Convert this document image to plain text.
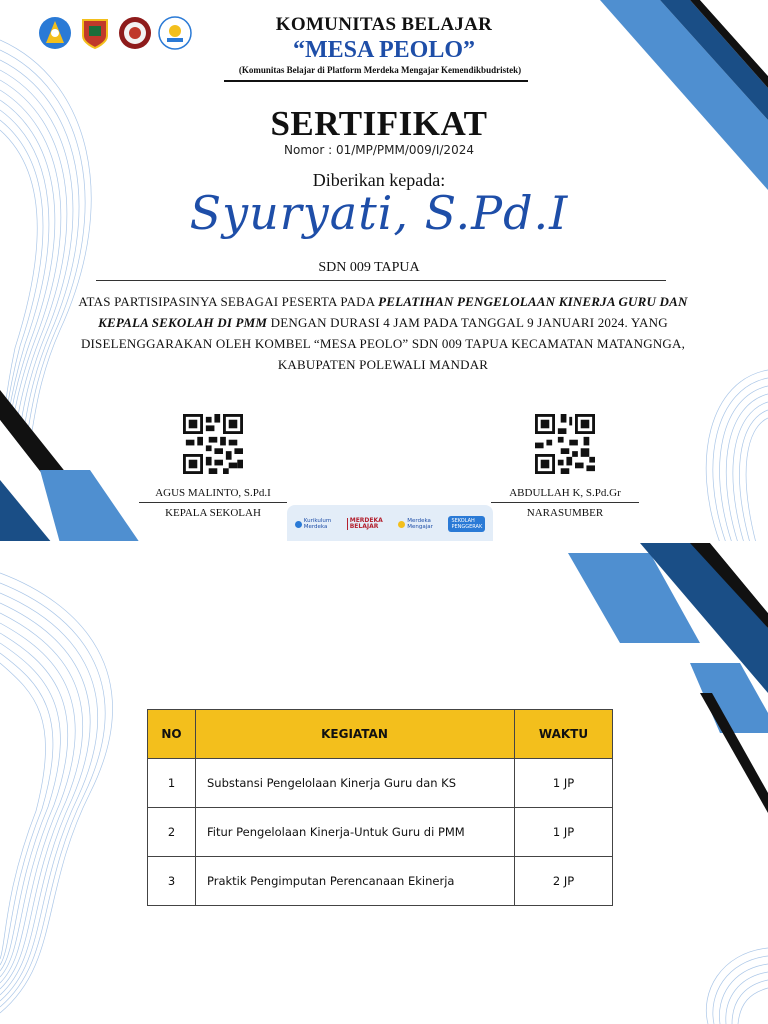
KOMUNITAS BELAJAR
“MESA PEOLO”
(Komunitas Belajar di Platform Merdeka Mengajar Kemendikbudristek)
SERTIFIKAT
Nomor : 01/MP/PMM/009/I/2024
Diberikan kepada:
Syuryati, S.Pd.I
SDN 009 TAPUA
ATAS PARTISIPASINYA SEBAGAI PESERTA PADA PELATIHAN PENGELOLAAN KINERJA GURU DAN KEPALA SEKOLAH DI PMM DENGAN DURASI 4 JAM PADA TANGGAL 9 JANUARI 2024. YANG DISELENGGARAKAN OLEH KOMBEL “MESA PEOLO” SDN 009 TAPUA KECAMATAN MATANGNGA, KABUPATEN POLEWALI MANDAR
AGUS MALINTO, S.Pd.I
KEPALA SEKOLAH
ABDULLAH K, S.Pd.Gr
NARASUMBER
Kurikulum
Merdeka
MERDEKA
BELAJAR
Merdeka
Mengajar
SEKOLAH
PENGGERAK
NO	KEGIATAN	WAKTU
1	Substansi Pengelolaan Kinerja Guru dan KS	1 JP
2	Fitur Pengelolaan Kinerja-Untuk Guru di PMM	1 JP
3	Praktik Pengimputan Perencanaan Ekinerja	2 JP
